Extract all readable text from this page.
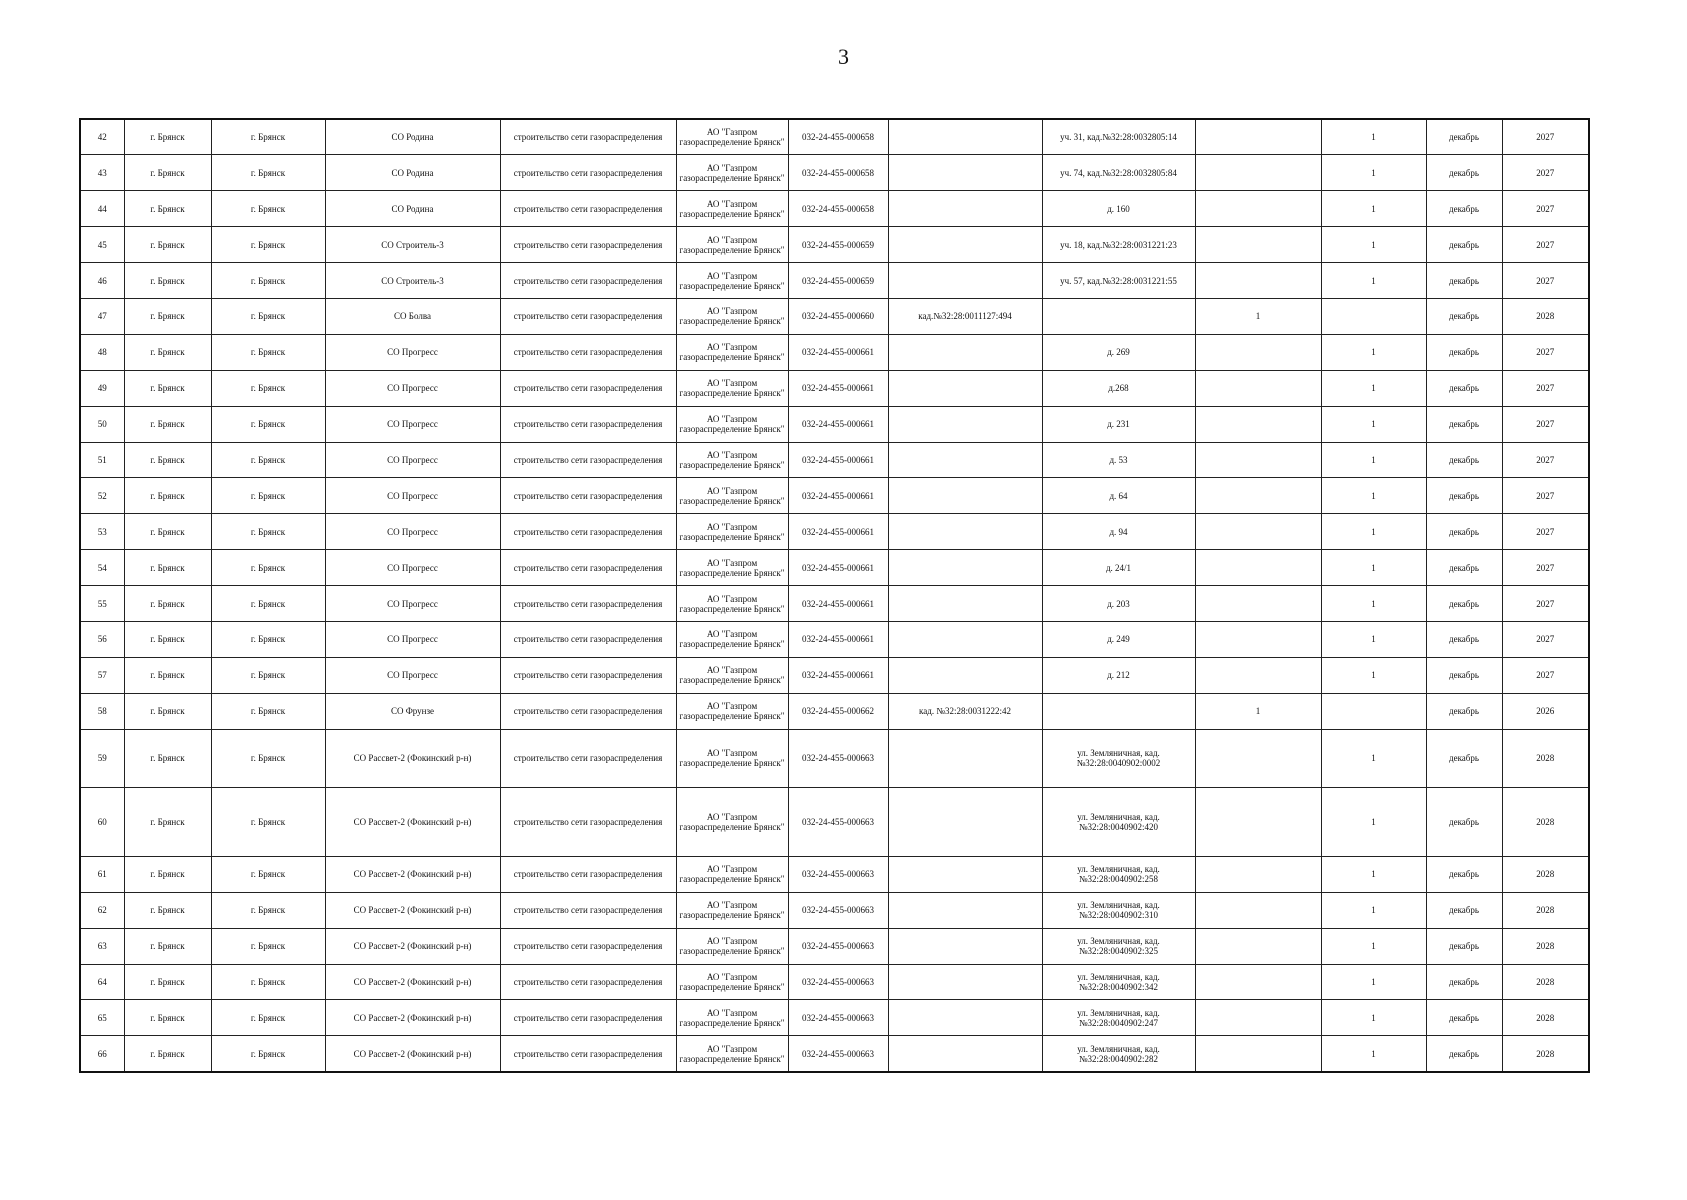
3
42	г. Брянск	г. Брянск	СО Родина	строительство сети газораспределения	АО "Газпром газораспределение Брянск"	032-24-455-000658		уч. 31, кад.№32:28:0032805:14		1	декабрь	2027
43	г. Брянск	г. Брянск	СО Родина	строительство сети газораспределения	АО "Газпром газораспределение Брянск"	032-24-455-000658		уч. 74, кад.№32:28:0032805:84		1	декабрь	2027
44	г. Брянск	г. Брянск	СО Родина	строительство сети газораспределения	АО "Газпром газораспределение Брянск"	032-24-455-000658		д. 160		1	декабрь	2027
45	г. Брянск	г. Брянск	СО Строитель-3	строительство сети газораспределения	АО "Газпром газораспределение Брянск"	032-24-455-000659		уч. 18, кад.№32:28:0031221:23		1	декабрь	2027
46	г. Брянск	г. Брянск	СО Строитель-3	строительство сети газораспределения	АО "Газпром газораспределение Брянск"	032-24-455-000659		уч. 57, кад.№32:28:0031221:55		1	декабрь	2027
47	г. Брянск	г. Брянск	СО Болва	строительство сети газораспределения	АО "Газпром газораспределение Брянск"	032-24-455-000660	кад.№32:28:0011127:494		1		декабрь	2028
48	г. Брянск	г. Брянск	СО Прогресс	строительство сети газораспределения	АО "Газпром газораспределение Брянск"	032-24-455-000661		д. 269		1	декабрь	2027
49	г. Брянск	г. Брянск	СО Прогресс	строительство сети газораспределения	АО "Газпром газораспределение Брянск"	032-24-455-000661		д.268		1	декабрь	2027
50	г. Брянск	г. Брянск	СО Прогресс	строительство сети газораспределения	АО "Газпром газораспределение Брянск"	032-24-455-000661		д. 231		1	декабрь	2027
51	г. Брянск	г. Брянск	СО Прогресс	строительство сети газораспределения	АО "Газпром газораспределение Брянск"	032-24-455-000661		д. 53		1	декабрь	2027
52	г. Брянск	г. Брянск	СО Прогресс	строительство сети газораспределения	АО "Газпром газораспределение Брянск"	032-24-455-000661		д. 64		1	декабрь	2027
53	г. Брянск	г. Брянск	СО Прогресс	строительство сети газораспределения	АО "Газпром газораспределение Брянск"	032-24-455-000661		д. 94		1	декабрь	2027
54	г. Брянск	г. Брянск	СО Прогресс	строительство сети газораспределения	АО "Газпром газораспределение Брянск"	032-24-455-000661		д. 24/1		1	декабрь	2027
55	г. Брянск	г. Брянск	СО Прогресс	строительство сети газораспределения	АО "Газпром газораспределение Брянск"	032-24-455-000661		д. 203		1	декабрь	2027
56	г. Брянск	г. Брянск	СО Прогресс	строительство сети газораспределения	АО "Газпром газораспределение Брянск"	032-24-455-000661		д. 249		1	декабрь	2027
57	г. Брянск	г. Брянск	СО Прогресс	строительство сети газораспределения	АО "Газпром газораспределение Брянск"	032-24-455-000661		д. 212		1	декабрь	2027
58	г. Брянск	г. Брянск	СО Фрунзе	строительство сети газораспределения	АО "Газпром газораспределение Брянск"	032-24-455-000662	кад. №32:28:0031222:42		1		декабрь	2026
59	г. Брянск	г. Брянск	СО Рассвет-2 (Фокинский р-н)	строительство сети газораспределения	АО "Газпром газораспределение Брянск"	032-24-455-000663		ул. Земляничная, кад. №32:28:0040902:0002		1	декабрь	2028
60	г. Брянск	г. Брянск	СО Рассвет-2 (Фокинский р-н)	строительство сети газораспределения	АО "Газпром газораспределение Брянск"	032-24-455-000663		ул. Земляничная, кад. №32:28:0040902:420		1	декабрь	2028
61	г. Брянск	г. Брянск	СО Рассвет-2 (Фокинский р-н)	строительство сети газораспределения	АО "Газпром газораспределение Брянск"	032-24-455-000663		ул. Земляничная, кад. №32:28:0040902:258		1	декабрь	2028
62	г. Брянск	г. Брянск	СО Рассвет-2 (Фокинский р-н)	строительство сети газораспределения	АО "Газпром газораспределение Брянск"	032-24-455-000663		ул. Земляничная, кад. №32:28:0040902:310		1	декабрь	2028
63	г. Брянск	г. Брянск	СО Рассвет-2 (Фокинский р-н)	строительство сети газораспределения	АО "Газпром газораспределение Брянск"	032-24-455-000663		ул. Земляничная, кад. №32:28:0040902:325		1	декабрь	2028
64	г. Брянск	г. Брянск	СО Рассвет-2 (Фокинский р-н)	строительство сети газораспределения	АО "Газпром газораспределение Брянск"	032-24-455-000663		ул. Земляничная, кад. №32:28:0040902:342		1	декабрь	2028
65	г. Брянск	г. Брянск	СО Рассвет-2 (Фокинский р-н)	строительство сети газораспределения	АО "Газпром газораспределение Брянск"	032-24-455-000663		ул. Земляничная, кад. №32:28:0040902:247		1	декабрь	2028
66	г. Брянск	г. Брянск	СО Рассвет-2 (Фокинский р-н)	строительство сети газораспределения	АО "Газпром газораспределение Брянск"	032-24-455-000663		ул. Земляничная, кад. №32:28:0040902:282		1	декабрь	2028
